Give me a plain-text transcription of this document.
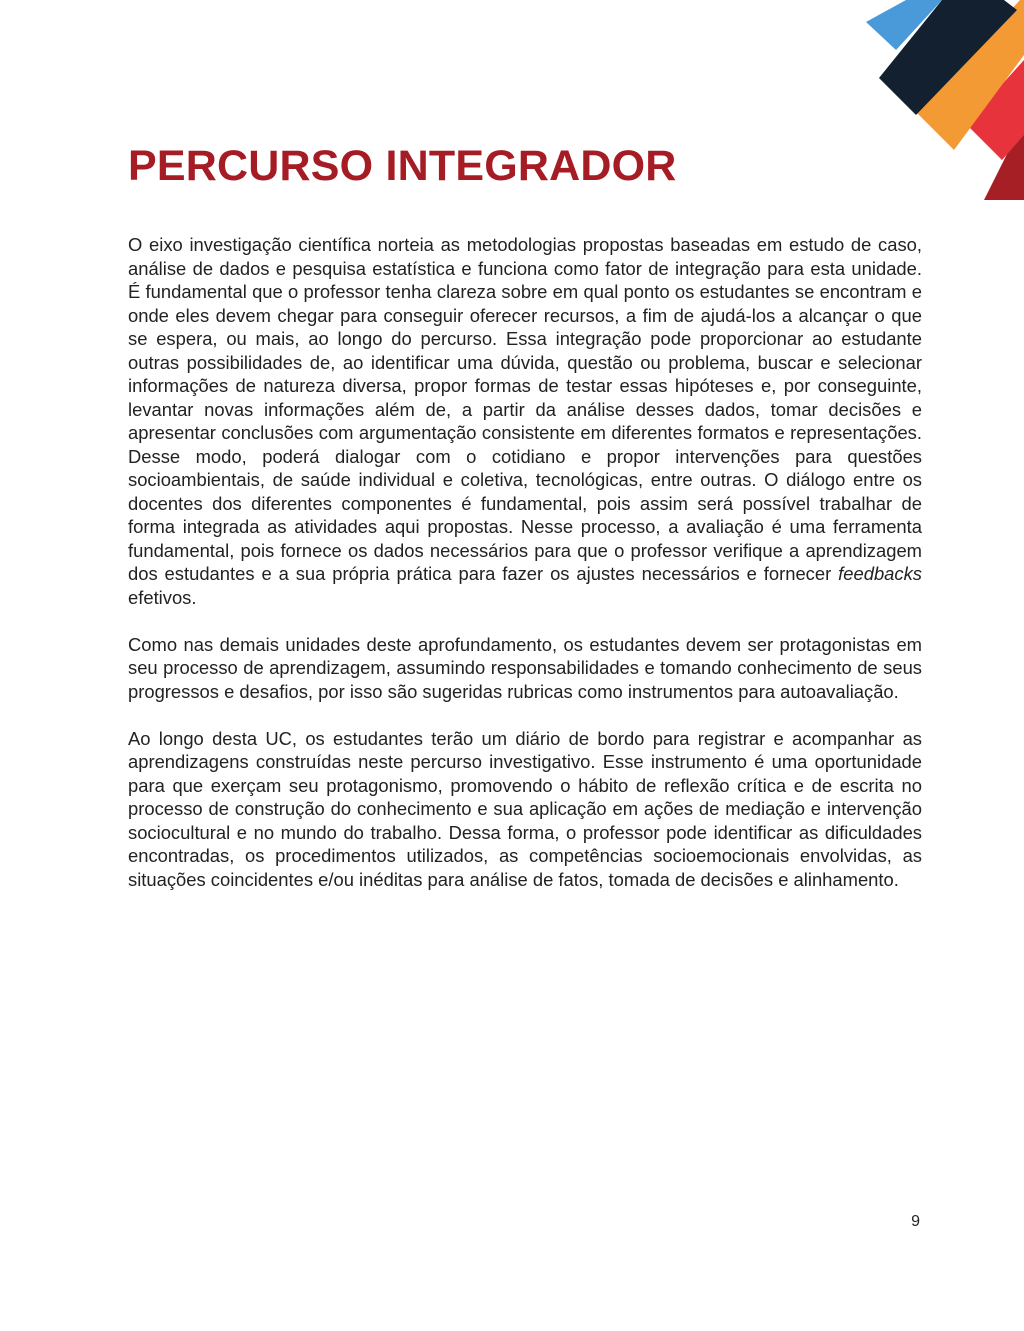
PERCURSO INTEGRADOR

O eixo investigação científica norteia as metodologias propostas baseadas em estudo de caso, análise de dados e pesquisa estatística e funciona como fator de integração para esta unidade. É fundamental que o professor tenha clareza sobre em qual ponto os estudantes se encontram e onde eles devem chegar para conseguir oferecer recursos, a fim de ajudá-los a alcançar o que se espera, ou mais, ao longo do percurso. Essa integração pode proporcionar ao estudante outras possibilidades de, ao identificar uma dúvida, questão ou problema, buscar e selecionar informações de natureza diversa, propor formas de testar essas hipóteses e, por conseguinte, levantar novas informações além de, a partir da análise desses dados, tomar decisões e apresentar conclusões com argumentação consistente em diferentes formatos e representações. Desse modo, poderá dialogar com o cotidiano e propor intervenções para questões socioambientais, de saúde individual e coletiva, tecnológicas, entre outras. O diálogo entre os docentes dos diferentes componentes é fundamental, pois assim será possível trabalhar de forma integrada as atividades aqui propostas. Nesse processo, a avaliação é uma ferramenta fundamental, pois fornece os dados necessários para que o professor verifique a aprendizagem dos estudantes e a sua própria prática para fazer os ajustes necessários e fornecer feedbacks efetivos.

Como nas demais unidades deste aprofundamento, os estudantes devem ser protagonistas em seu processo de aprendizagem, assumindo responsabilidades e tomando conhecimento de seus progressos e desafios, por isso são sugeridas rubricas como instrumentos para autoavaliação.

Ao longo desta UC, os estudantes terão um diário de bordo para registrar e acompanhar as aprendizagens construídas neste percurso investigativo. Esse instrumento é uma oportunidade para que exerçam seu protagonismo, promovendo o hábito de reflexão crítica e de escrita no processo de construção do conhecimento e sua aplicação em ações de mediação e intervenção sociocultural e no mundo do trabalho. Dessa forma, o professor pode identificar as dificuldades encontradas, os procedimentos utilizados, as competências socioemocionais envolvidas, as situações coincidentes e/ou inéditas para análise de fatos, tomada de decisões e alinhamento.

9
